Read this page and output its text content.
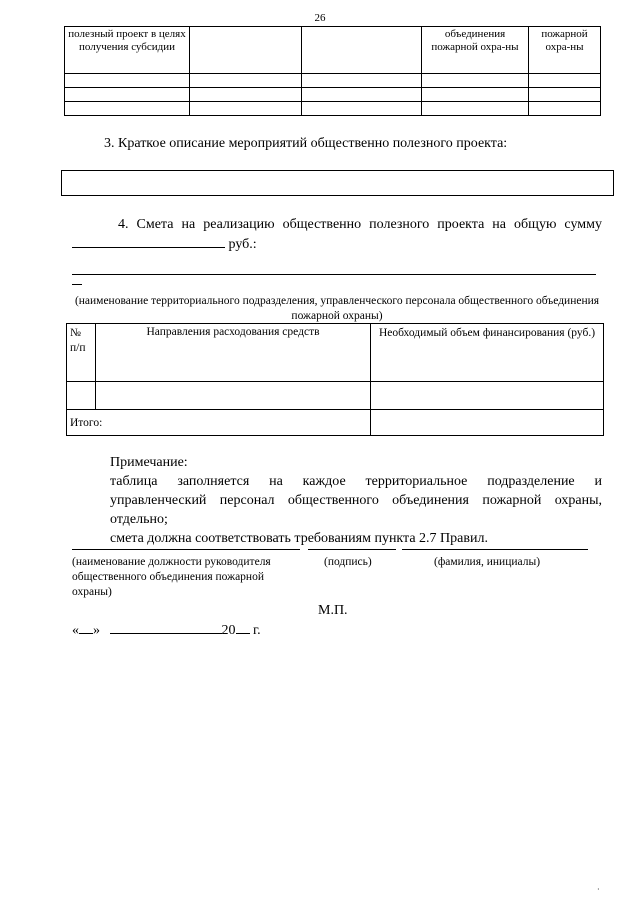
26
полезный проект в целях получения субсидии			объединения пожарной охра-ны	пожарной охра-ны

3. Краткое описание мероприятий общественно полезного проекта:
4. Смета на реализацию общественно полезного проекта на общую сумму  руб.:
(наименование территориального подразделения, управленческого персонала общественного объединения пожарной охраны)
№ п/п	Направления расходования средств	Необходимый объем финансирования (руб.)

Итого:		

Примечание:

таблица заполняется на каждое территориальное подразделение и управленческий персонал общественного объединения пожарной охраны, отдельно;

смета должна соответствовать требованиям пункта 2.7 Правил.

(наименование должности руководителя общественного объединения пожарной охраны)
(подпись)	(фамилия, инициалы)
М.П.
« »	20 г.
·
